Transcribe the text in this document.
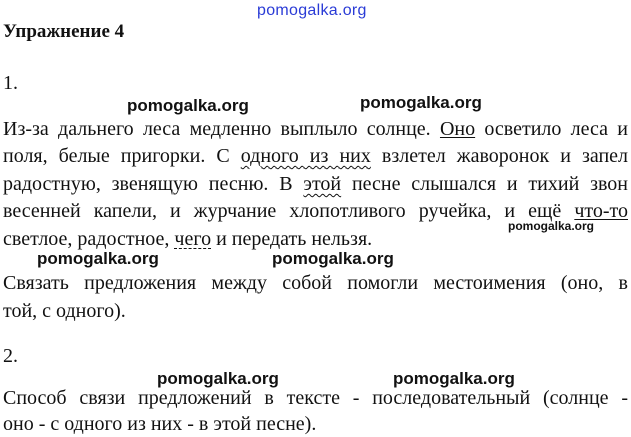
pomogalka.org
Упражнение 4
1.
pomogalka.org	pomogalka.org
Из-за дальнего леса медленно выплыло солнце. Оно осветило леса и
поля, белые пригорки. С одного из них взлетел жаворонок и запел
радостную, звенящую песню. В этой песне слышался и тихий звон
весенней капели, и журчание хлопотливого ручейка, и ещё что-то
pomogalka.org
светлое, радостное, чего и передать нельзя.
pomogalka.org	pomogalka.org
Связать предложения между собой помогли местоимения (оно, в
той, с одного).
2.
pomogalka.org	pomogalka.org
Способ связи предложений в тексте - последовательный (солнце -
оно - с одного из них - в этой песне).
